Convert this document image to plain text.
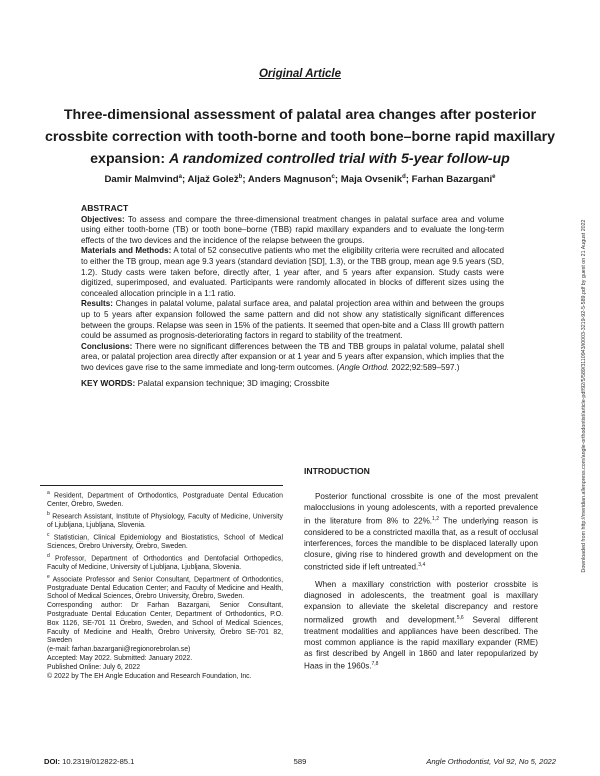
Original Article
Three-dimensional assessment of palatal area changes after posterior crossbite correction with tooth-borne and tooth bone–borne rapid maxillary expansion: A randomized controlled trial with 5-year follow-up
Damir Malmvind$^a$; Aljaž Golež$^b$; Anders Magnuson$^c$; Maja Ovsenik$^d$; Farhan Bazargani$^e$
ABSTRACT

Objectives: To assess and compare the three-dimensional treatment changes in palatal surface area and volume using either tooth-borne (TB) or tooth bone–borne (TBB) rapid maxillary expanders and to evaluate the long-term effects of the two devices and the incidence of the relapse between the groups.

Materials and Methods: A total of 52 consecutive patients who met the eligibility criteria were recruited and allocated to either the TB group, mean age 9.3 years (standard deviation [SD], 1.3), or the TBB group, mean age 9.5 years (SD, 1.2). Study casts were taken before, directly after, 1 year after, and 5 years after expansion. Study casts were digitized, superimposed, and evaluated. Participants were randomly allocated in blocks of different sizes using the concealed allocation principle in a 1:1 ratio.

Results: Changes in palatal volume, palatal surface area, and palatal projection area within and between the groups up to 5 years after expansion followed the same pattern and did not show any statistically significant differences between the groups. Relapse was seen in 15% of the patients. It seemed that open-bite and a Class III growth pattern could be assumed as prognosis-deteriorating factors in regard to stability of the treatment.

Conclusions: There were no significant differences between the TB and TBB groups in palatal volume, palatal shell area, or palatal projection area directly after expansion or at 1 year and 5 years after expansion, which implies that the two devices gave rise to the same immediate and long-term outcomes. (Angle Orthod. 2022;92:589–597.)

KEY WORDS: Palatal expansion technique; 3D imaging; Crossbite

$^a$ Resident, Department of Orthodontics, Postgraduate Dental Education Center, Örebro, Sweden.

$^b$ Research Assistant, Institute of Physiology, Faculty of Medicine, University of Ljubljana, Ljubljana, Slovenia.

$^c$ Statistician, Clinical Epidemiology and Biostatistics, School of Medical Sciences, Örebro University, Örebro, Sweden.

$^d$ Professor, Department of Orthodontics and Dentofacial Orthopedics, Faculty of Medicine, University of Ljubljana, Ljubljana, Slovenia.

$^e$ Associate Professor and Senior Consultant, Department of Orthodontics, Postgraduate Dental Education Center; and Faculty of Medicine and Health, School of Medical Sciences, Örebro University, Örebro, Sweden.

Corresponding author: Dr Farhan Bazargani, Senior Consultant, Postgraduate Dental Education Center, Department of Orthodontics, P.O. Box 1126, SE-701 11 Örebro, Sweden, and School of Medical Sciences, Faculty of Medicine and Health, Örebro University, Örebro SE-701 82, Sweden

(e-mail: farhan.bazargani@regionorebrolan.se)

Accepted: May 2022. Submitted: January 2022.

Published Online: July 6, 2022

© 2022 by The EH Angle Education and Research Foundation, Inc.

INTRODUCTION

Posterior functional crossbite is one of the most prevalent malocclusions in young adolescents, with a reported prevalence in the literature from 8% to 22%.$^{1,2}$ The underlying reason is considered to be a constricted maxilla that, as a result of occlusal interferences, forces the mandible to be displaced laterally upon closure, giving rise to hindered growth and development on the constricted side if left untreated.$^{3,4}$

When a maxillary constriction with posterior crossbite is diagnosed in adolescents, the treatment goal is maxillary expansion to alleviate the skeletal discrepancy and restore normalized growth and development.$^{5,6}$ Several different treatment modalities and appliances have been described. The most common appliance is the rapid maxillary expander (RME) as first described by Angell in 1860 and later repopularized by Haas in the 1960s.$^{7,8}$

DOI: 10.2319/012822-85.1	589	Angle Orthodontist, Vol 92, No 5, 2022
Downloaded from http://meridian.allenpress.com/angle-orthodontist/article-pdf/92/5/589/3110943/i0003-3219-92-5-589.pdf by guest on 21 August 2022
